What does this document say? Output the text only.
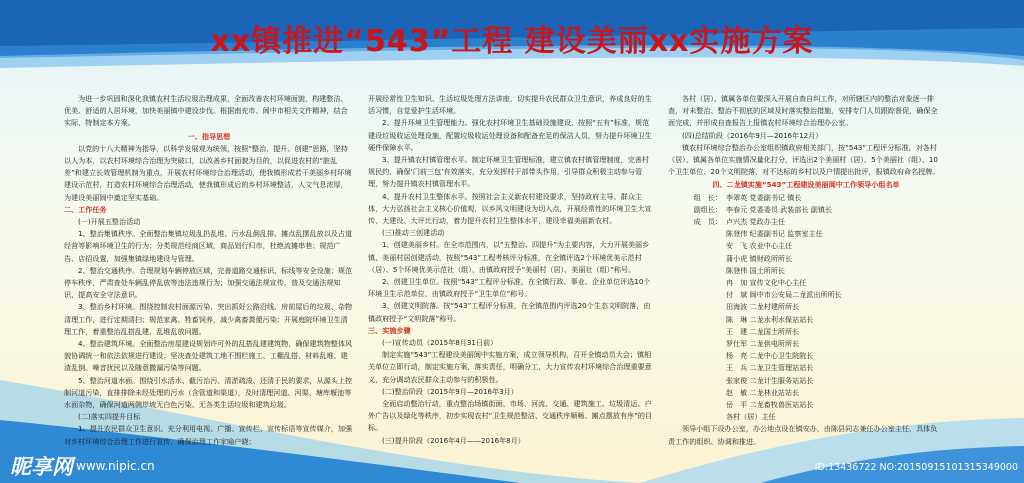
xx镇推进“543”工程 建设美丽xx实施方案

为进一步巩固和深化我镇农村生活垃圾治理成果，全面改善农村环境面貌，构建整洁、优美、舒适的人居环境，加快美丽镇中建设步伐。根据南充市、阆中市相关文件精神，结合实际，特制定本方案。

一、指导思想

以党的十八大精神为指导，以科学发展观为统领，按照“整治、提升、创建”思路，坚持以人为本，以农村环境综合治理为突破口，以改善乡村面貌为目的，以促进农村的“脏乱差”和建立长效管理机制为重点，开展农村环境综合治理活动，使我镇形成若干美丽乡村环境建设示范村，打造农村环境综合治理活动，使我镇形成后的乡村环境整洁，人文气息浓厚，为建设美丽阆中奠定坚实基础。

二、工作任务

(一)开展五整治活动

1、整治集镇秩序。全面整治集镇垃圾乱扔乱堆、污水乱倒乱排、摊点乱摆乱放以及占道经营等影响环境卫生的行为；分类规范经商区域，商品划行归市，杜绝流摊串巷；规范广告、店招设置，加强集镇绿地建设与管理。

2、整治交通秩序。合理规划车辆停放区域，完善道路交通标识、标线等安全设施；规范停车秩序，严肃查处车辆乱停乱放等违法违规行为；加强交通法规宣传，普及交通法规知识，提高安全守法意识。

3、整治乡村环境。围绕控制农村面源污染，突出抓好公路沿线、房前屋后的垃圾、杂物清理工作，进行定期清扫；规范家禽、牲畜饲养，减少禽畜粪便污染；开展庭院环境卫生清理工作，着重整治乱搭乱建、乱堆乱放问题。

4、整治建筑环境。全面整治房屋建设规划许可外的乱搭乱建建筑物，确保建筑物整体风貌协调统一和依法依规进行建设；坚决查处建筑工地不围栏施工、工棚乱搭、材料乱堆、建渣乱倒、噪音扰民以及随意撒漏污染等问题。

5、整治河道水面。围绕引水活水、截污治污、清淤疏浚、还清于民的要求，从源头上控制河道污染，直排排除未经处理的污水（含管道和渠道），及时清理河道、河渠、塘库堰池等水面杂物，确保河道两侧岸坡无白色污染、无各类生活垃圾和建筑垃圾。

(二)落实四提升目标

1、提升农民群众卫生意识。充分利用电视、广播、宣传栏、宣传标语等宣传媒介，加强对乡村环境综合治理工作进行宣传，确保治理工作家喻户晓；

开展经常性卫生知识、生活垃圾处理方法讲座，切实提升农民群众卫生意识，养成良好的生活习惯，自觉爱护生活环境。

2、提升环境卫生管理能力。强化农村环境卫生基础设施建设，按照“五有”标准，规范建设垃圾收运处理设施，配置垃圾收运处理设备和配备充足的保洁人员，努力提升环境卫生硬件保障水平。

3、提升镇农村镇管理水平。制定环境卫生管理标准，建立镇农村镇管理制度，完善村规民约，确保‘门前三包’有效落实，充分发挥村干部带头作用，引导群众积极主动参与管理，努力提升镇农村镇管理水平。

4、提升农村卫生整体水平。按照社会主义新农村建设要求，坚持政府主导、群众主体，大力弘扬社会主义核心价值观，以乡风文明建设为切入点，开展经常性的环境卫生大宣传、大建设、大评比行动，着力提升农村卫生整体水平，建设幸福美丽新农村。

(三)推动三创建活动

1、创建美丽乡村。在全市范围内，以“五整治、四提升”为主要内容，大力开展美丽乡镇、美丽村居创建活动，按照“543”工程考核评分标准，在全镇评选2个环境优美示范村（居）、5个环境优美示范社（组），由镇政府授予“美丽村（居）、美丽社（组）”称号。

2、创建卫生单位。按照“543”工程评分标准，在全镇行政、事业、企业单位评选10个环境卫生示范单位，由镇政府授予“卫生单位”称号。

3、创建文明院落。按“543”工程评分标准，在全镇范围内评选20个生态文明院落，由镇政府授予“文明院落”称号。

三、实施步骤

(一)宣传动员（2015年8月31日前）

制定实施“543”工程建设美丽阆中实施方案，成立领导机构，召开全镇动员大会；镇相关单位立即行动，制定实施方案，落实责任，明确分工，大力宣传农村环境综合治理重要意义，充分调动农民群众主动参与的积极性。

(二)整治阶段（2015年9月—2016年3月）

全面启动整治行动，重点整治场镇街面、市场、河流、交通、建筑施工、垃圾清运、户外广告以及绿化等秩序，初步实现农村“卫生规范整洁、交通秩序顺畅、摊点摆放有序”的目标。

(三)提升阶段（2016年4月——2016年8月）

各村（居）、镇属各单位要深入开展自查自纠工作，对所辖区内的整治对象逐一排查，对未整治、整治不彻底的区域及时落实整治措施，安排专门人员跟踪督促，确保全面完成，并形成自查报告上报镇农村环境综合治理办公室。

(四)总结阶段（2016年9月—2016年12月）

镇农村环境综合整治办公室组织镇政府相关部门，按“543”工程评分标准，对各村（居）、镇属各单位实施情况量化打分，评选出2个美丽村（居）、5个美丽社（组）、10个卫生单位、20个文明院落，对不达标的乡村以及户情提出批评，报镇政府命名授牌。

四、二龙镇实施“543”工程建设美丽阆中工作领导小组名单

组　长： 李翠英 党委副书记 镇长
副组长： 李春元 党委委员 武装部长 副镇长
成　员： 卢兴杰 党政办主任
陈登伟 纪委副书记 监察室主任
安　飞 农业中心主任
蒲小虎 镇财政所所长
陈登伟 国土所所长
冉　加 宣传文化中心主任
付　斌 阆中市公安局二龙派出所所长
田海波 二龙村建所所长
陈　琳 二龙水利水保站站长
王　建 二龙国土所所长
罗仕军 二龙供电所所长
杨　亮 二龙中心卫生院院长
王　兵 二龙卫生管理站站长
张家俊 二龙计生服务站站长
赵　敏 二龙林业站站长
岳　平 二龙畜牧兽医站站长
各村（居）主任

领导小组下设办公室，办公地点设在镇安办，由陈县同志兼任办公室主任，具体负责工作的组织、协调和推进。

昵享网 www.nipic.cn	ID:13436722 NO:20150915101315349000
